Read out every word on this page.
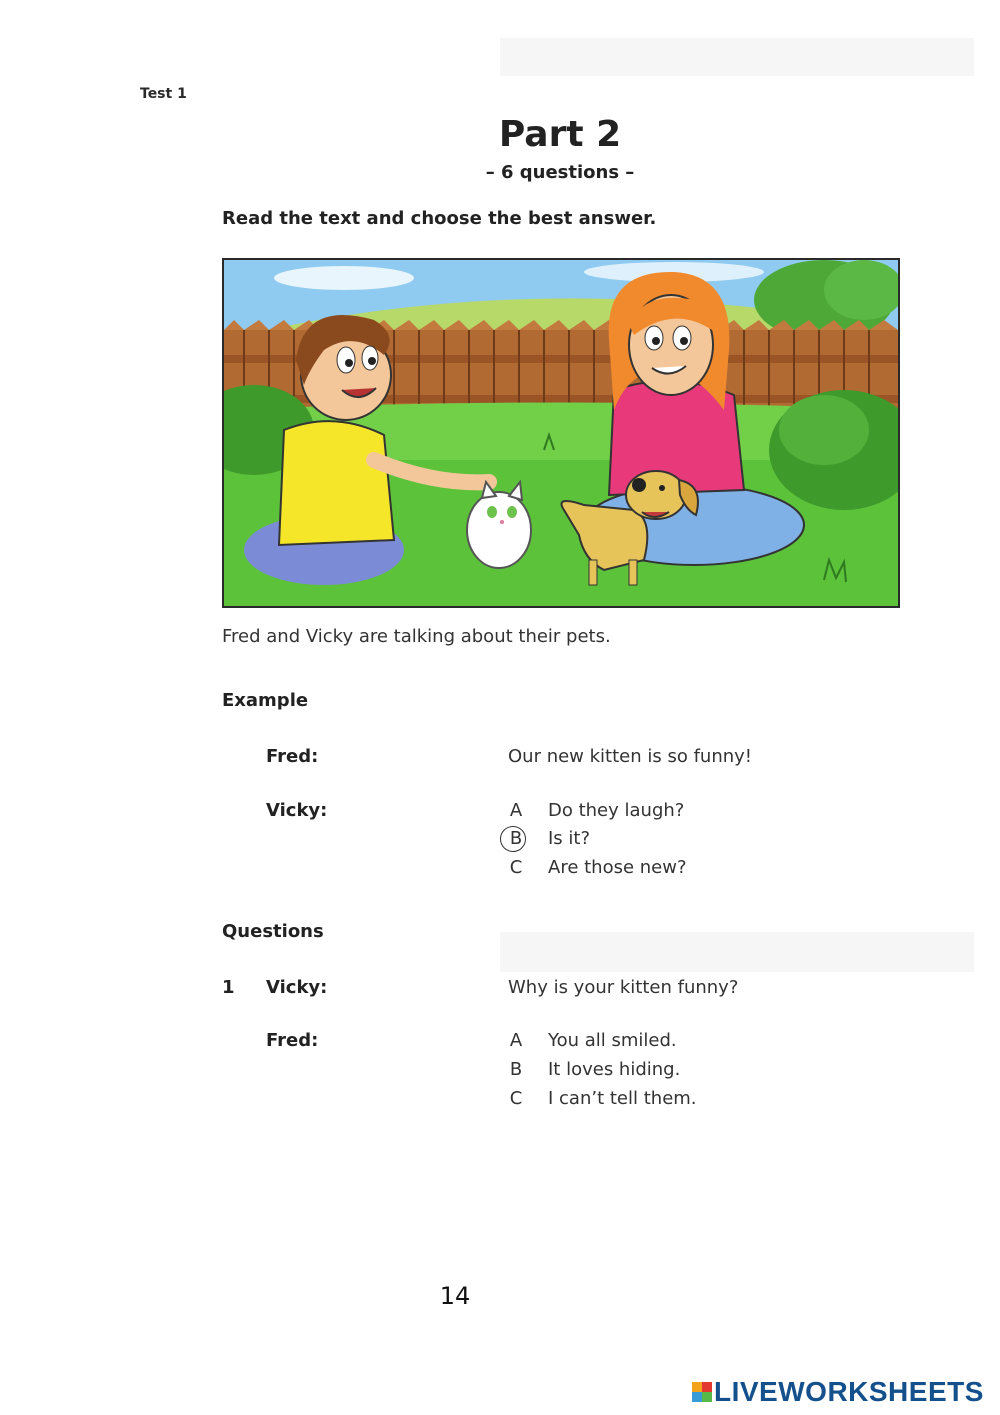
Test 1
Part 2
– 6 questions –
Read the text and choose the best answer.
Fred and Vicky are talking about their pets.
Example
Fred:	Our new kitten is so funny!
Vicky:	A Do they laugh?
B Is it?
C Are those new?
Questions
1 Vicky:	Why is your kitten funny?
Fred:	A You all smiled.
B It loves hiding.
C I can’t tell them.
14
LIVEWORKSHEETS
